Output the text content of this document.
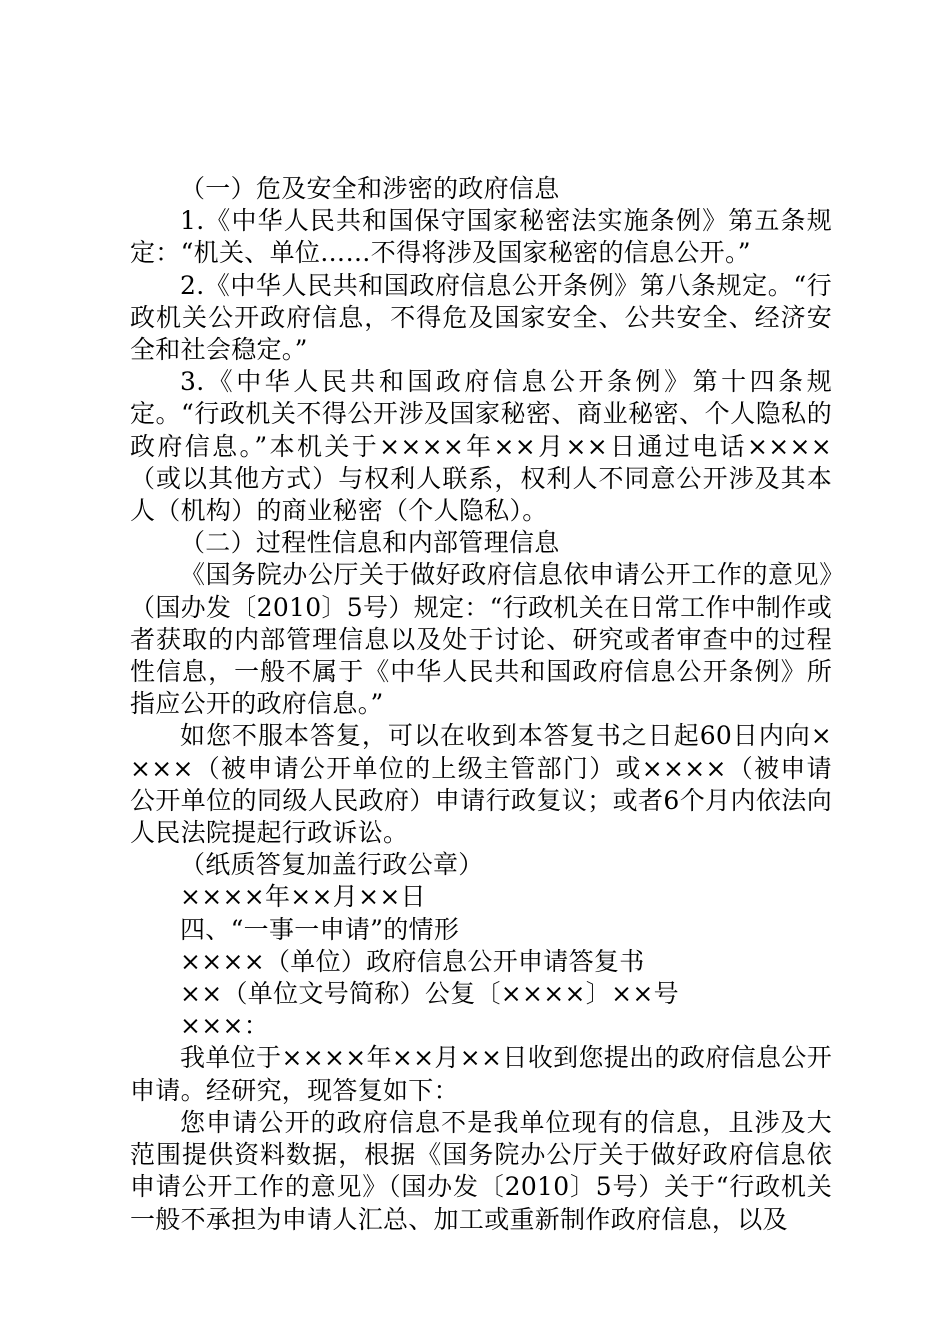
（一）危及安全和涉密的政府信息

1.《中华人民共和国保守国家秘密法实施条例》第五条规定：“机关、单位……不得将涉及国家秘密的信息公开。”

2.《中华人民共和国政府信息公开条例》第八条规定。“行政机关公开政府信息，不得危及国家安全、公共安全、经济安全和社会稳定。”

3.《中华人民共和国政府信息公开条例》第十四条规定。“行政机关不得公开涉及国家秘密、商业秘密、个人隐私的政府信息。”本机关于××××年××月××日通过电话××××（或以其他方式）与权利人联系，权利人不同意公开涉及其本人（机构）的商业秘密（个人隐私）。

（二）过程性信息和内部管理信息

《国务院办公厅关于做好政府信息依申请公开工作的意见》（国办发〔2010〕5号）规定：“行政机关在日常工作中制作或者获取的内部管理信息以及处于讨论、研究或者审查中的过程性信息，一般不属于《中华人民共和国政府信息公开条例》所指应公开的政府信息。”

如您不服本答复，可以在收到本答复书之日起60日内向××××（被申请公开单位的上级主管部门）或××××（被申请公开单位的同级人民政府）申请行政复议；或者6个月内依法向人民法院提起行政诉讼。

（纸质答复加盖行政公章）

××××年××月××日

四、“一事一申请”的情形

××××（单位）政府信息公开申请答复书

××（单位文号简称）公复〔××××〕××号

×××：

我单位于××××年××月××日收到您提出的政府信息公开申请。经研究，现答复如下：

您申请公开的政府信息不是我单位现有的信息，且涉及大范围提供资料数据，根据《国务院办公厅关于做好政府信息依申请公开工作的意见》（国办发〔2010〕5号）关于“行政机关一般不承担为申请人汇总、加工或重新制作政府信息，以及
